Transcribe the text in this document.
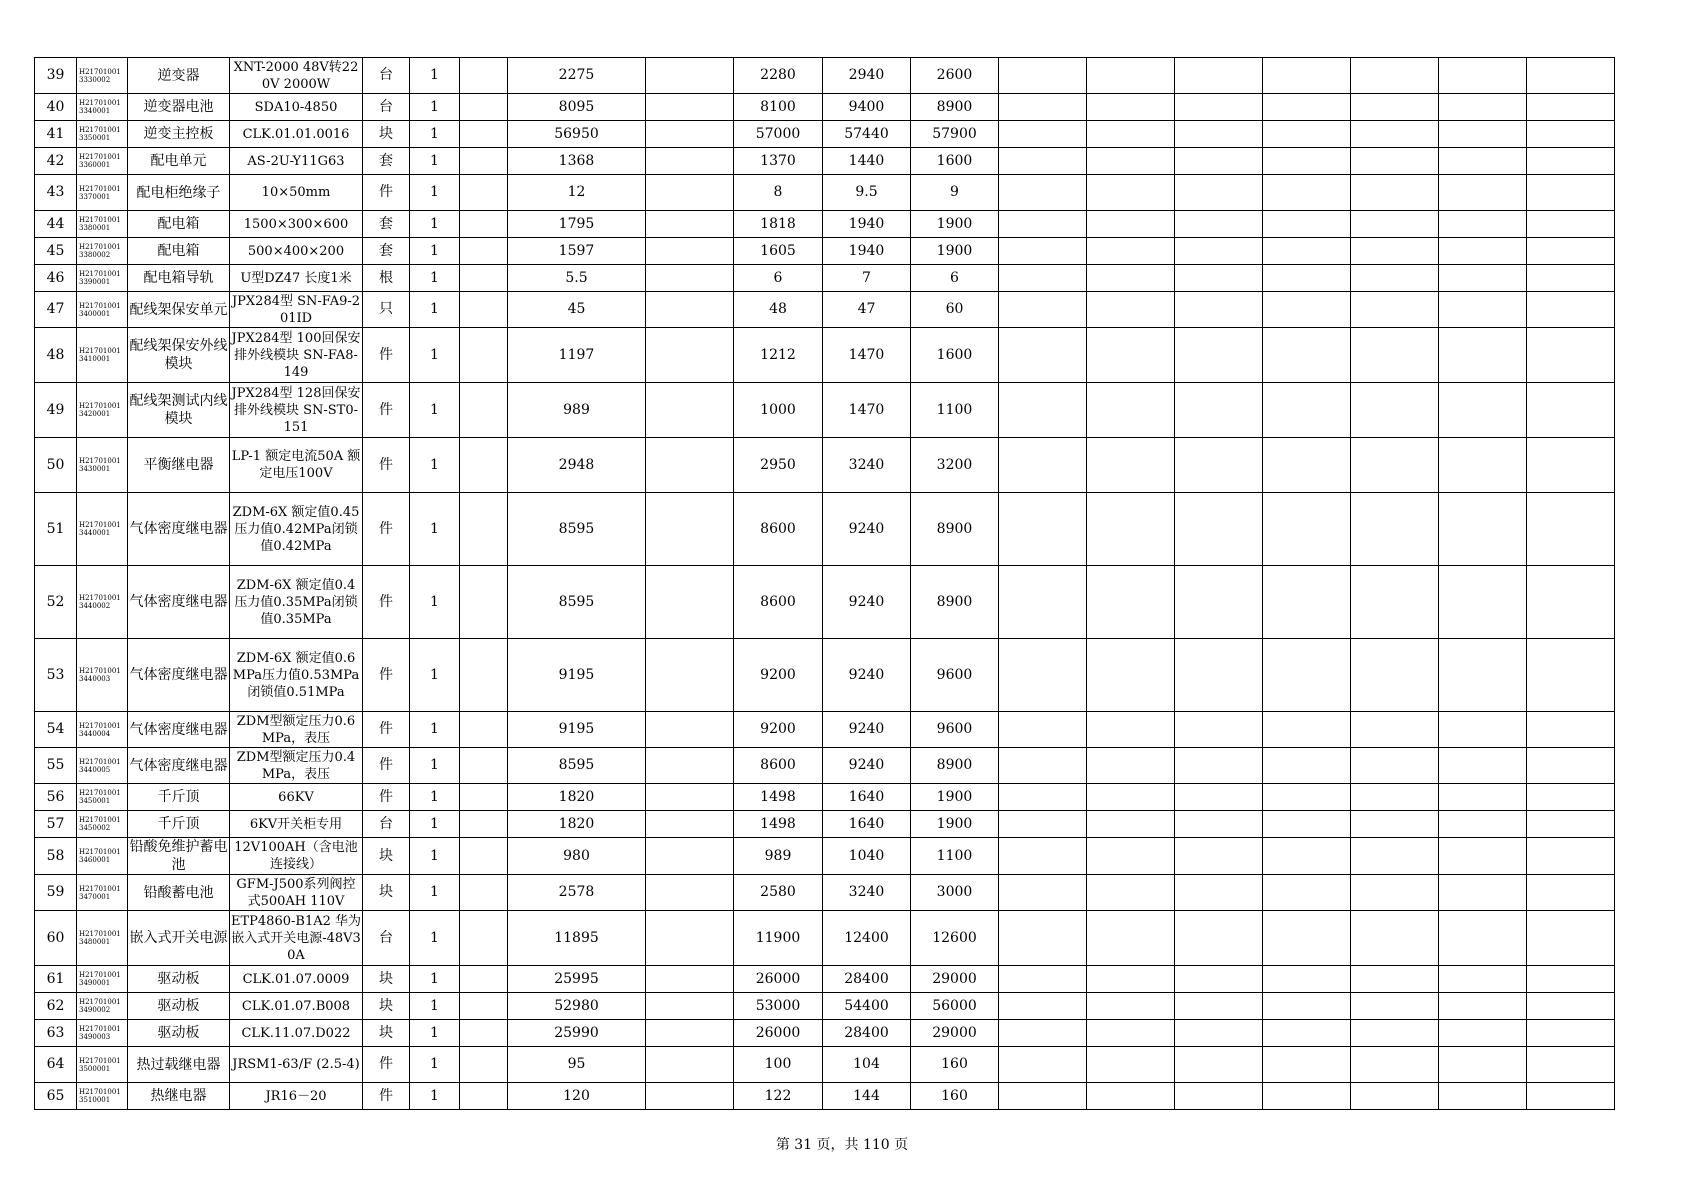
39	H217010013330002	逆变器	XNT-2000 48V转220V 2000W	台	1		2275		2280	2940	2600							
40	H217010013340001	逆变器电池	SDA10-4850	台	1		8095		8100	9400	8900							
41	H217010013350001	逆变主控板	CLK.01.01.0016	块	1		56950		57000	57440	57900							
42	H217010013360001	配电单元	AS-2U-Y11G63	套	1		1368		1370	1440	1600							
43	H217010013370001	配电柜绝缘子	10×50mm	件	1		12		8	9.5	9							
44	H217010013380001	配电箱	1500×300×600	套	1		1795		1818	1940	1900							
45	H217010013380002	配电箱	500×400×200	套	1		1597		1605	1940	1900							
46	H217010013390001	配电箱导轨	U型DZ47 长度1米	根	1		5.5		6	7	6							
47	H217010013400001	配线架保安单元	JPX284型 SN-FA9-201ID	只	1		45		48	47	60							
48	H217010013410001	配线架保安外线模块	JPX284型 100回保安排外线模块 SN-FA8-149	件	1		1197		1212	1470	1600							
49	H217010013420001	配线架测试内线模块	JPX284型 128回保安排外线模块 SN-ST0-151	件	1		989		1000	1470	1100							
50	H217010013430001	平衡继电器	LP-1 额定电流50A 额定电压100V	件	1		2948		2950	3240	3200							
51	H217010013440001	气体密度继电器	ZDM-6X 额定值0.45压力值0.42MPa闭锁值0.42MPa	件	1		8595		8600	9240	8900							
52	H217010013440002	气体密度继电器	ZDM-6X 额定值0.4压力值0.35MPa闭锁值0.35MPa	件	1		8595		8600	9240	8900							
53	H217010013440003	气体密度继电器	ZDM-6X 额定值0.6MPa压力值0.53MPa闭锁值0.51MPa	件	1		9195		9200	9240	9600							
54	H217010013440004	气体密度继电器	ZDM型额定压力0.6MPa，表压	件	1		9195		9200	9240	9600							
55	H217010013440005	气体密度继电器	ZDM型额定压力0.4MPa，表压	件	1		8595		8600	9240	8900							
56	H217010013450001	千斤顶	66KV	件	1		1820		1498	1640	1900							
57	H217010013450002	千斤顶	6KV开关柜专用	台	1		1820		1498	1640	1900							
58	H217010013460001	铅酸免维护蓄电池	12V100AH（含电池连接线）	块	1		980		989	1040	1100							
59	H217010013470001	铅酸蓄电池	GFM-J500系列阀控式500AH 110V	块	1		2578		2580	3240	3000							
60	H217010013480001	嵌入式开关电源	ETP4860-B1A2 华为嵌入式开关电源-48V30A	台	1		11895		11900	12400	12600							
61	H217010013490001	驱动板	CLK.01.07.0009	块	1		25995		26000	28400	29000							
62	H217010013490002	驱动板	CLK.01.07.B008	块	1		52980		53000	54400	56000							
63	H217010013490003	驱动板	CLK.11.07.D022	块	1		25990		26000	28400	29000							
64	H217010013500001	热过载继电器	JRSM1-63/F (2.5-4)	件	1		95		100	104	160							
65	H217010013510001	热继电器	JR16－20	件	1		120		122	144	160							
第 31 页，共 110 页
